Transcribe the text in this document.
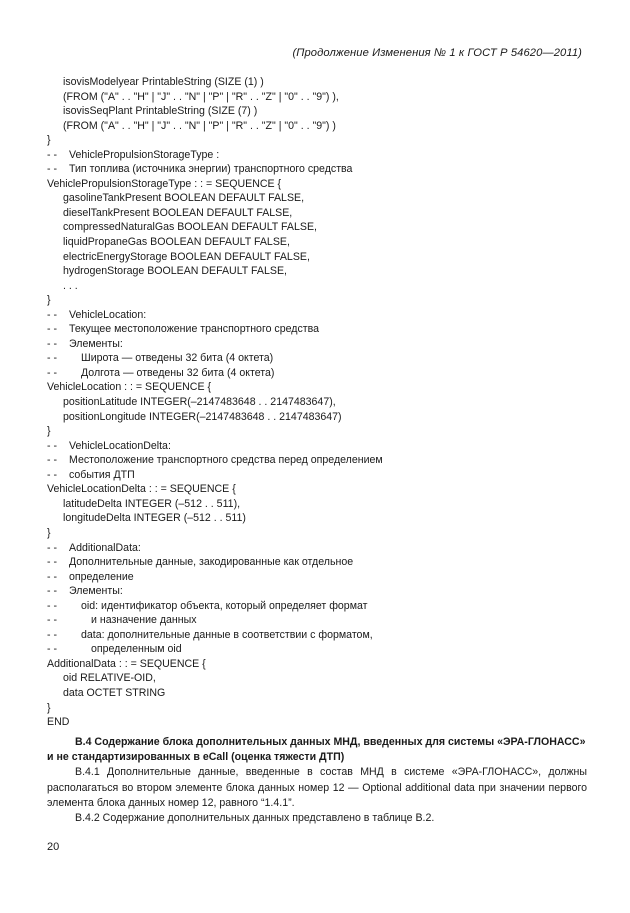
(Продолжение Изменения № 1 к ГОСТ Р 54620—2011)
isovisModelyear PrintableString (SIZE (1) )
(FROM ("A" . . "H" | "J" . . "N" | "P" | "R" . . "Z" | "0" . . "9") ),
isovisSeqPlant PrintableString (SIZE (7) )
(FROM ("A" . . "H" | "J" . . "N" | "P" | "R" . . "Z" | "0" . . "9") )
}
- -	VehiclePropulsionStorageType :
- -	Тип топлива (источника энергии) транспортного средства
VehiclePropulsionStorageType : : = SEQUENCE {
gasolineTankPresent BOOLEAN DEFAULT FALSE,
dieselTankPresent BOOLEAN DEFAULT FALSE,
compressedNaturalGas BOOLEAN DEFAULT FALSE,
liquidPropaneGas BOOLEAN DEFAULT FALSE,
electricEnergyStorage BOOLEAN DEFAULT FALSE,
hydrogenStorage BOOLEAN DEFAULT FALSE,
. . .
}
- -	VehicleLocation:
- -	Текущее местоположение транспортного средства
- -	Элементы:
- -	Широта — отведены 32 бита (4 октета)
- -	Долгота — отведены 32 бита (4 октета)
VehicleLocation : : = SEQUENCE {
positionLatitude INTEGER(–2147483648 . . 2147483647),
positionLongitude INTEGER(–2147483648 . . 2147483647)
}
- -	VehicleLocationDelta:
- -	Местоположение транспортного средства перед определением
- -	события ДТП
VehicleLocationDelta : : = SEQUENCE {
latitudeDelta INTEGER (–512 . . 511),
longitudeDelta INTEGER (–512 . . 511)
}
- -	AdditionalData:
- -	Дополнительные данные, закодированные как отдельное
- -	определение
- -	Элементы:
- -	oid: идентификатор объекта, который определяет формат
- -	и назначение данных
- -	data: дополнительные данные в соответствии с форматом,
- -	определенным oid
AdditionalData : : = SEQUENCE {
oid RELATIVE-OID,
data OCTET STRING
}
END

В.4 Содержание блока дополнительных данных МНД, введенных для системы «ЭРА-ГЛОНАСС» и не стандартизированных в eCall (оценка тяжести ДТП)

В.4.1 Дополнительные данные, введенные в состав МНД в системе «ЭРА-ГЛОНАСС», должны располагаться во втором элементе блока данных номер 12 — Optional additional data при значении первого элемента блока данных номер 12, равного “1.4.1”.

В.4.2 Содержание дополнительных данных представлено в таблице В.2.

20
